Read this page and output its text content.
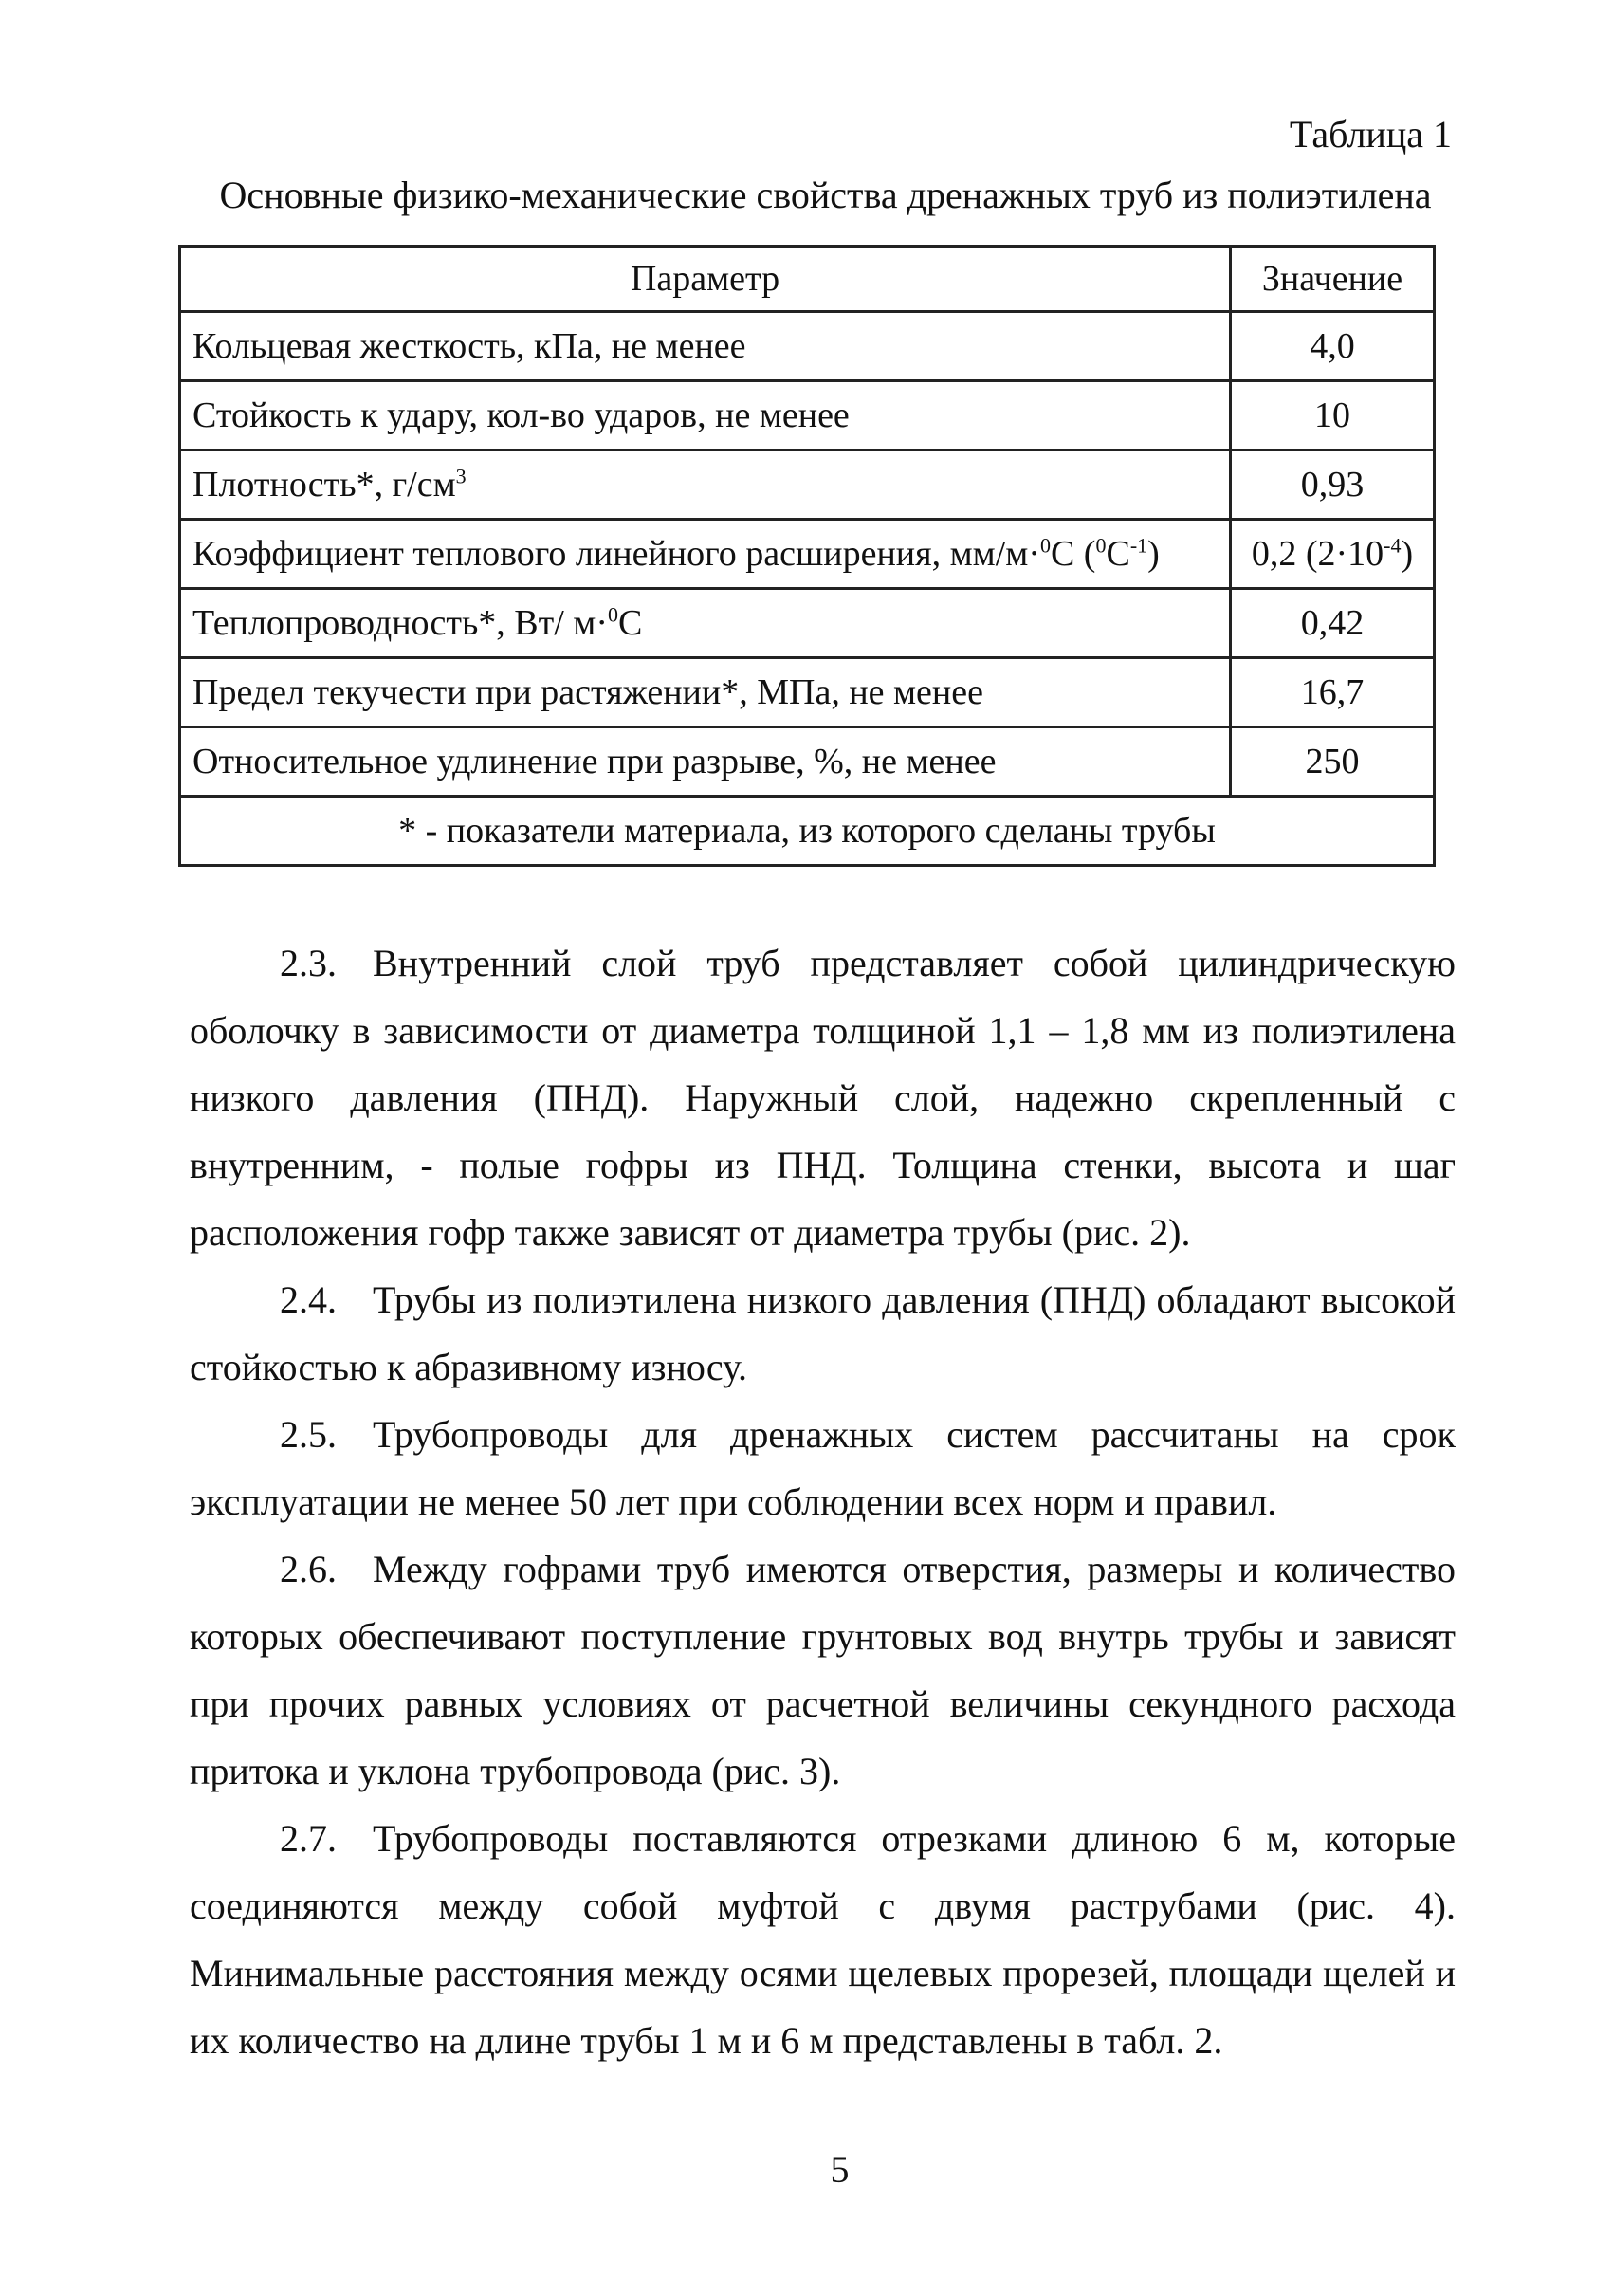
Таблица 1
Основные физико-механические свойства дренажных труб из полиэтилена
Параметр	Значение
Кольцевая жесткость, кПа, не менее	4,0
Стойкость к удару, кол-во ударов, не менее	10
Плотность*, $г/см^3$	0,93
Коэффициент теплового линейного расширения, мм/м·$^0$C $(^0C^{-1})$	0,2 $(2\cdot 10^{-4})$
Теплопроводность*, Вт/ м·$^0$C	0,42
Предел текучести при растяжении*, МПа, не менее	16,7
Относительное удлинение при разрыве, %, не менее	250
* - показатели материала, из которого сделаны трубы	

2.3. Внутренний слой труб представляет собой цилиндрическую оболочку в зависимости от диаметра толщиной 1,1 – 1,8 мм из полиэтилена низкого давления (ПНД). Наружный слой, надежно скрепленный с внутренним, - полые гофры из ПНД. Толщина стенки, высота и шаг расположения гофр также зависят от диаметра трубы (рис. 2).

2.4. Трубы из полиэтилена низкого давления (ПНД) обладают высокой стойкостью к абразивному износу.

2.5. Трубопроводы для дренажных систем рассчитаны на срок эксплуатации не менее 50 лет при соблюдении всех норм и правил.

2.6. Между гофрами труб имеются отверстия, размеры и количество которых обеспечивают поступление грунтовых вод внутрь трубы и зависят при прочих равных условиях от расчетной величины секундного расхода притока и уклона трубопровода (рис. 3).

2.7. Трубопроводы поставляются отрезками длиною 6 м, которые соединяются между собой муфтой с двумя раструбами (рис. 4). Минимальные расстояния между осями щелевых прорезей, площади щелей и их количество на длине трубы 1 м и 6 м представлены в табл. 2.

5
